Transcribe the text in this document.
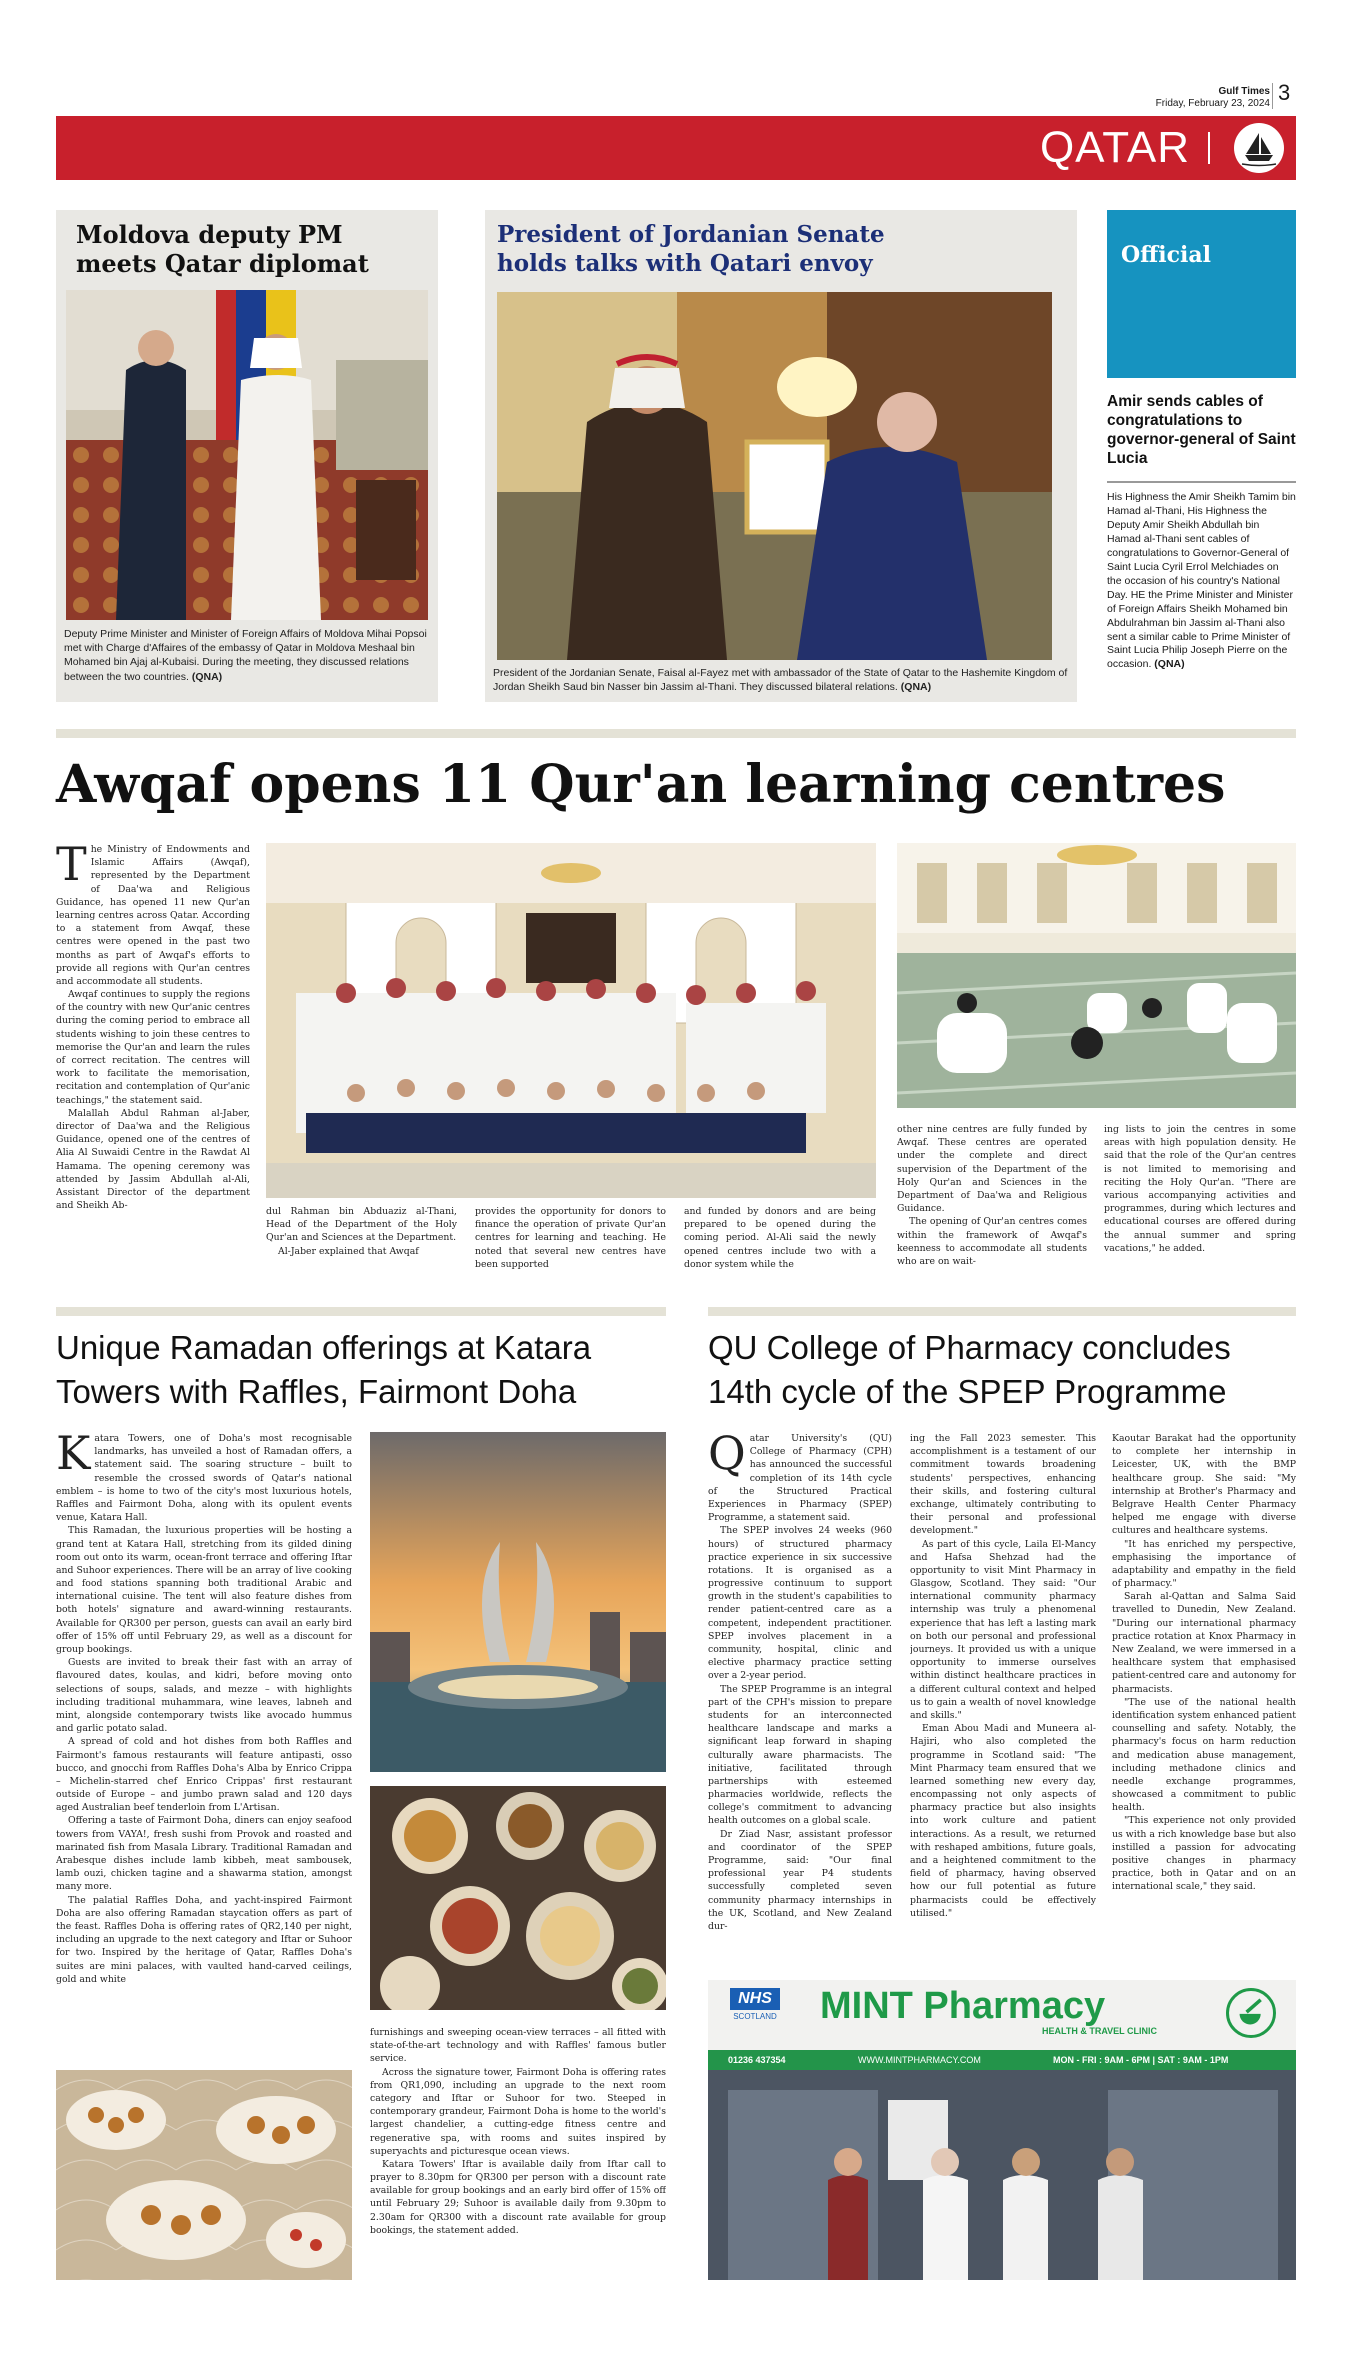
Gulf Times
Friday, February 23, 2024 3
QATAR
Moldova deputy PM
meets Qatar diplomat
Deputy Prime Minister and Minister of Foreign Affairs of Moldova Mihai Popsoi met with Charge d'Affaires of the embassy of Qatar in Moldova Meshaal bin Mohamed bin Ajaj al-Kubaisi. During the meeting, they discussed relations between the two countries. (QNA)
President of Jordanian Senate
holds talks with Qatari envoy
President of the Jordanian Senate, Faisal al-Fayez met with ambassador of the State of Qatar to the Hashemite Kingdom of Jordan Sheikh Saud bin Nasser bin Jassim al-Thani. They discussed bilateral relations. (QNA)
Official
Amir sends cables of congratulations to governor-general of Saint Lucia
His Highness the Amir Sheikh Tamim bin Hamad al-Thani, His Highness the Deputy Amir Sheikh Abdullah bin Hamad al-Thani sent cables of congratulations to Governor-General of Saint Lucia Cyril Errol Melchiades on the occasion of his country's National Day. HE the Prime Minister and Minister of Foreign Affairs Sheikh Mohamed bin Abdulrahman bin Jassim al-Thani also sent a similar cable to Prime Minister of Saint Lucia Philip Joseph Pierre on the occasion. (QNA)
Awqaf opens 11 Qur'an learning centres

The Ministry of Endowments and Islamic Affairs (Awqaf), represented by the Department of Daa'wa and Religious Guidance, has opened 11 new Qur'an learning centres across Qatar. According to a statement from Awqaf, these centres were opened in the past two months as part of Awqaf's efforts to provide all regions with Qur'an centres and accommodate all students.

Awqaf continues to supply the regions of the country with new Qur'anic centres during the coming period to embrace all students wishing to join these centres to memorise the Qur'an and learn the rules of correct recitation. The centres will work to facilitate the memorisation, recitation and contemplation of Qur'anic teachings," the statement said.

Malallah Abdul Rahman al-Jaber, director of Daa'wa and the Religious Guidance, opened one of the centres of Alia Al Suwaidi Centre in the Rawdat Al Hamama. The opening ceremony was attended by Jassim Abdullah al-Ali, Assistant Director of the department and Sheikh Ab-

dul Rahman bin Abduaziz al-Thani, Head of the Department of the Holy Qur'an and Sciences at the Department.

Al-Jaber explained that Awqaf

provides the opportunity for donors to finance the operation of private Qur'an centres for learning and teaching. He noted that several new centres have been supported

and funded by donors and are being prepared to be opened during the coming period. Al-Ali said the newly opened centres include two with a donor system while the

other nine centres are fully funded by Awqaf. These centres are operated under the complete and direct supervision of the Department of the Holy Qur'an and Sciences in the Department of Daa'wa and Religious Guidance.

The opening of Qur'an centres comes within the framework of Awqaf's keenness to accommodate all students who are on wait-

ing lists to join the centres in some areas with high population density. He said that the role of the Qur'an centres is not limited to memorising and reciting the Holy Qur'an. "There are various accompanying activities and programmes, during which lectures and educational courses are offered during the annual summer and spring vacations," he added.

Unique Ramadan offerings at Katara
Towers with Raffles, Fairmont Doha

Katara Towers, one of Doha's most recognisable landmarks, has unveiled a host of Ramadan offers, a statement said. The soaring structure – built to resemble the crossed swords of Qatar's national emblem – is home to two of the city's most luxurious hotels, Raffles and Fairmont Doha, along with its opulent events venue, Katara Hall.

This Ramadan, the luxurious properties will be hosting a grand tent at Katara Hall, stretching from its gilded dining room out onto its warm, ocean-front terrace and offering Iftar and Suhoor experiences. There will be an array of live cooking and food stations spanning both traditional Arabic and international cuisine. The tent will also feature dishes from both hotels' signature and award-winning restaurants. Available for QR300 per person, guests can avail an early bird offer of 15% off until February 29, as well as a discount for group bookings.

Guests are invited to break their fast with an array of flavoured dates, koulas, and kidri, before moving onto selections of soups, salads, and mezze – with highlights including traditional muhammara, wine leaves, labneh and mint, alongside contemporary twists like avocado hummus and garlic potato salad.

A spread of cold and hot dishes from both Raffles and Fairmont's famous restaurants will feature antipasti, osso bucco, and gnocchi from Raffles Doha's Alba by Enrico Crippa – Michelin-starred chef Enrico Crippas' first restaurant outside of Europe – and jumbo prawn salad and 120 days aged Australian beef tenderloin from L'Artisan.

Offering a taste of Fairmont Doha, diners can enjoy seafood towers from VAYA!, fresh sushi from Provok and roasted and marinated fish from Masala Library. Traditional Ramadan and Arabesque dishes include lamb kibbeh, meat sambousek, lamb ouzi, chicken tagine and a shawarma station, amongst many more.

The palatial Raffles Doha, and yacht-inspired Fairmont Doha are also offering Ramadan staycation offers as part of the feast. Raffles Doha is offering rates of QR2,140 per night, including an upgrade to the next category and Iftar or Suhoor for two. Inspired by the heritage of Qatar, Raffles Doha's suites are mini palaces, with vaulted hand-carved ceilings, gold and white

furnishings and sweeping ocean-view terraces – all fitted with state-of-the-art technology and with Raffles' famous butler service.

Across the signature tower, Fairmont Doha is offering rates from QR1,090, including an upgrade to the next room category and Iftar or Suhoor for two. Steeped in contemporary grandeur, Fairmont Doha is home to the world's largest chandelier, a cutting-edge fitness centre and regenerative spa, with rooms and suites inspired by superyachts and picturesque ocean views.

Katara Towers' Iftar is available daily from Iftar call to prayer to 8.30pm for QR300 per person with a discount rate available for group bookings and an early bird offer of 15% off until February 29; Suhoor is available daily from 9.30pm to 2.30am for QR300 with a discount rate available for group bookings, the statement added.

QU College of Pharmacy concludes
14th cycle of the SPEP Programme

Qatar University's (QU) College of Pharmacy (CPH) has announced the successful completion of its 14th cycle of the Structured Practical Experiences in Pharmacy (SPEP) Programme, a statement said.

The SPEP involves 24 weeks (960 hours) of structured pharmacy practice experience in six successive rotations. It is organised as a progressive continuum to support growth in the student's capabilities to render patient-centred care as a competent, independent practitioner. SPEP involves placement in a community, hospital, clinic and elective pharmacy practice setting over a 2-year period.

The SPEP Programme is an integral part of the CPH's mission to prepare students for an interconnected healthcare landscape and marks a significant leap forward in shaping culturally aware pharmacists. The initiative, facilitated through partnerships with esteemed pharmacies worldwide, reflects the college's commitment to advancing health outcomes on a global scale.

Dr Ziad Nasr, assistant professor and coordinator of the SPEP Programme, said: "Our final professional year P4 students successfully completed seven community pharmacy internships in the UK, Scotland, and New Zealand dur-

ing the Fall 2023 semester. This accomplishment is a testament of our commitment towards broadening students' perspectives, enhancing their skills, and fostering cultural exchange, ultimately contributing to their personal and professional development."

As part of this cycle, Laila El-Mancy and Hafsa Shehzad had the opportunity to visit Mint Pharmacy in Glasgow, Scotland. They said: "Our international community pharmacy internship was truly a phenomenal experience that has left a lasting mark on both our personal and professional journeys. It provided us with a unique opportunity to immerse ourselves within distinct healthcare practices in a different cultural context and helped us to gain a wealth of novel knowledge and skills."

Eman Abou Madi and Muneera al-Hajiri, who also completed the programme in Scotland said: "The Mint Pharmacy team ensured that we learned something new every day, encompassing not only aspects of pharmacy practice but also insights into work culture and patient interactions. As a result, we returned with reshaped ambitions, future goals, and a heightened commitment to the field of pharmacy, having observed how our full potential as future pharmacists could be effectively utilised."

Kaoutar Barakat had the opportunity to complete her internship in Leicester, UK, with the BMP healthcare group. She said: "My internship at Brother's Pharmacy and Belgrave Health Center Pharmacy helped me engage with diverse cultures and healthcare systems.

"It has enriched my perspective, emphasising the importance of adaptability and empathy in the field of pharmacy."

Sarah al-Qattan and Salma Said travelled to Dunedin, New Zealand. "During our international pharmacy practice rotation at Knox Pharmacy in New Zealand, we were immersed in a healthcare system that emphasised patient-centred care and autonomy for pharmacists.

"The use of the national health identification system enhanced patient counselling and safety. Notably, the pharmacy's focus on harm reduction and medication abuse management, including methadone clinics and needle exchange programmes, showcased a commitment to public health.

"This experience not only provided us with a rich knowledge base but also instilled a passion for advocating positive changes in pharmacy practice, both in Qatar and on an international scale," they said.

NHS
SCOTLAND MINT Pharmacy
HEALTH & TRAVEL CLINIC
01236 437354	WWW.MINTPHARMACY.COM	MON - FRI : 9AM - 6PM | SAT : 9AM - 1PM
